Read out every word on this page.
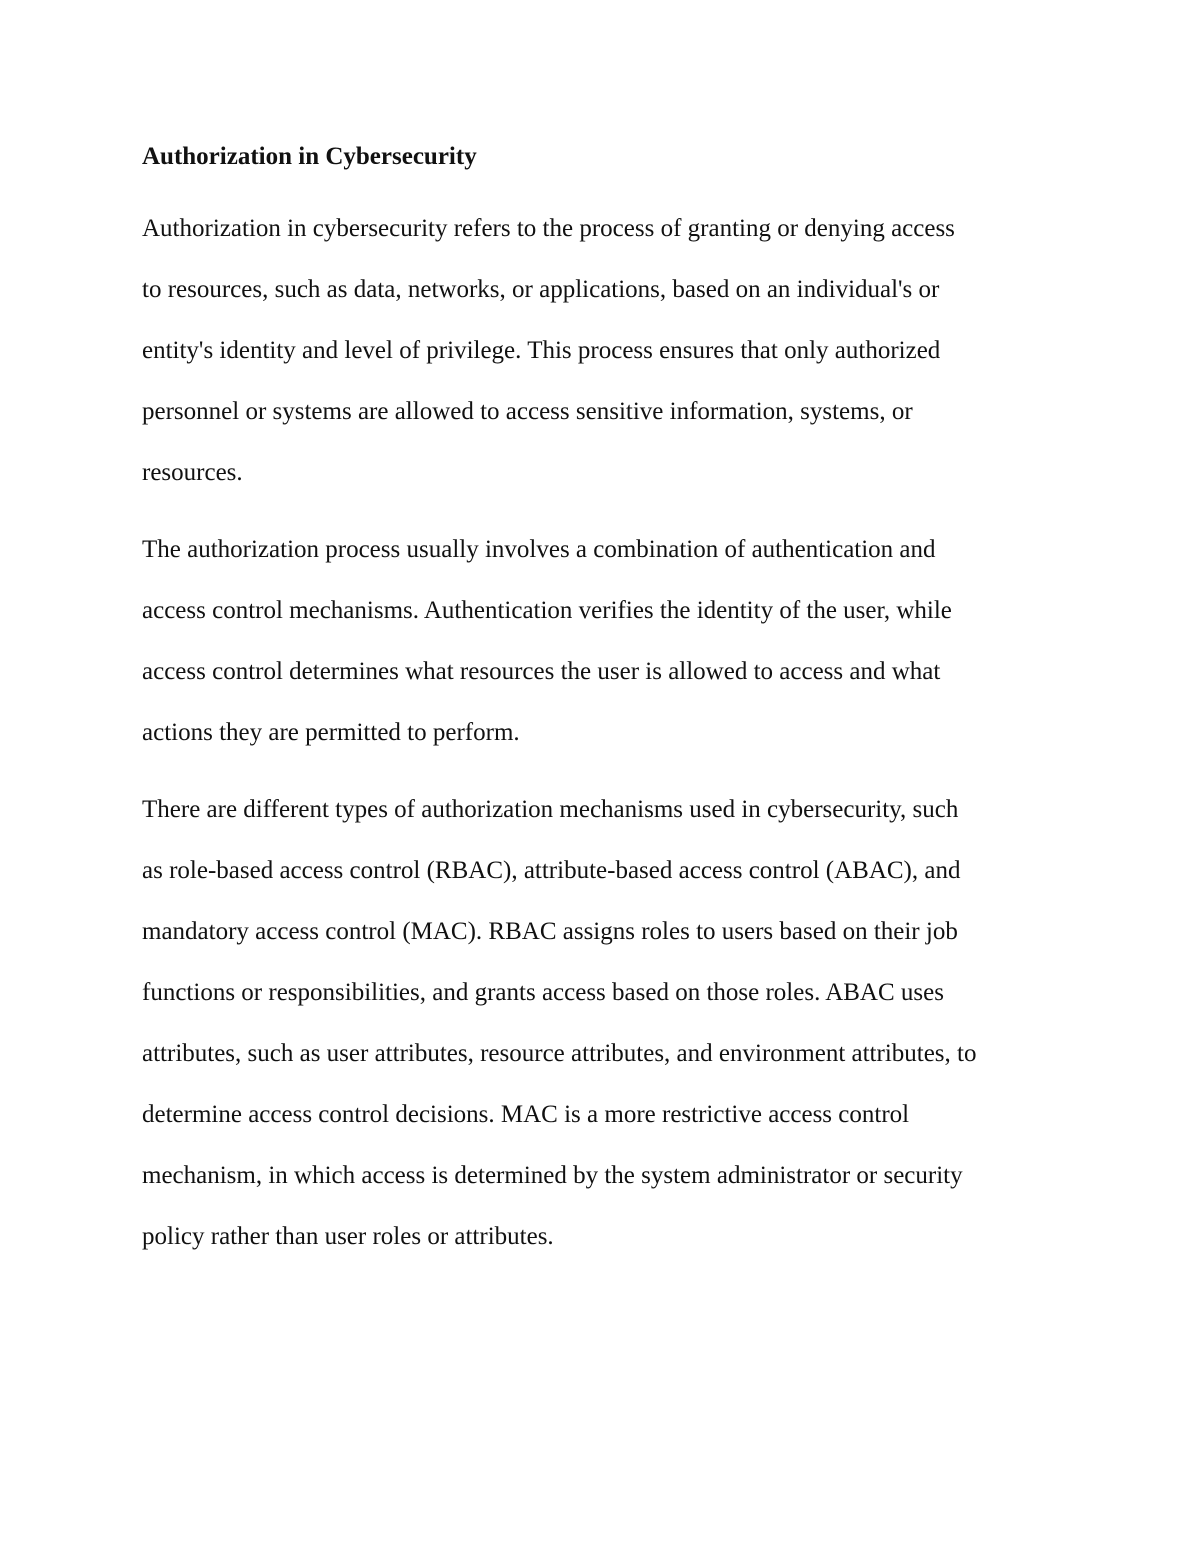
Authorization in Cybersecurity
Authorization in cybersecurity refers to the process of granting or denying access
to resources, such as data, networks, or applications, based on an individual's or
entity's identity and level of privilege. This process ensures that only authorized
personnel or systems are allowed to access sensitive information, systems, or
resources.
The authorization process usually involves a combination of authentication and
access control mechanisms. Authentication verifies the identity of the user, while
access control determines what resources the user is allowed to access and what
actions they are permitted to perform.
There are different types of authorization mechanisms used in cybersecurity, such
as role-based access control (RBAC), attribute-based access control (ABAC), and
mandatory access control (MAC). RBAC assigns roles to users based on their job
functions or responsibilities, and grants access based on those roles. ABAC uses
attributes, such as user attributes, resource attributes, and environment attributes, to
determine access control decisions. MAC is a more restrictive access control
mechanism, in which access is determined by the system administrator or security
policy rather than user roles or attributes.
